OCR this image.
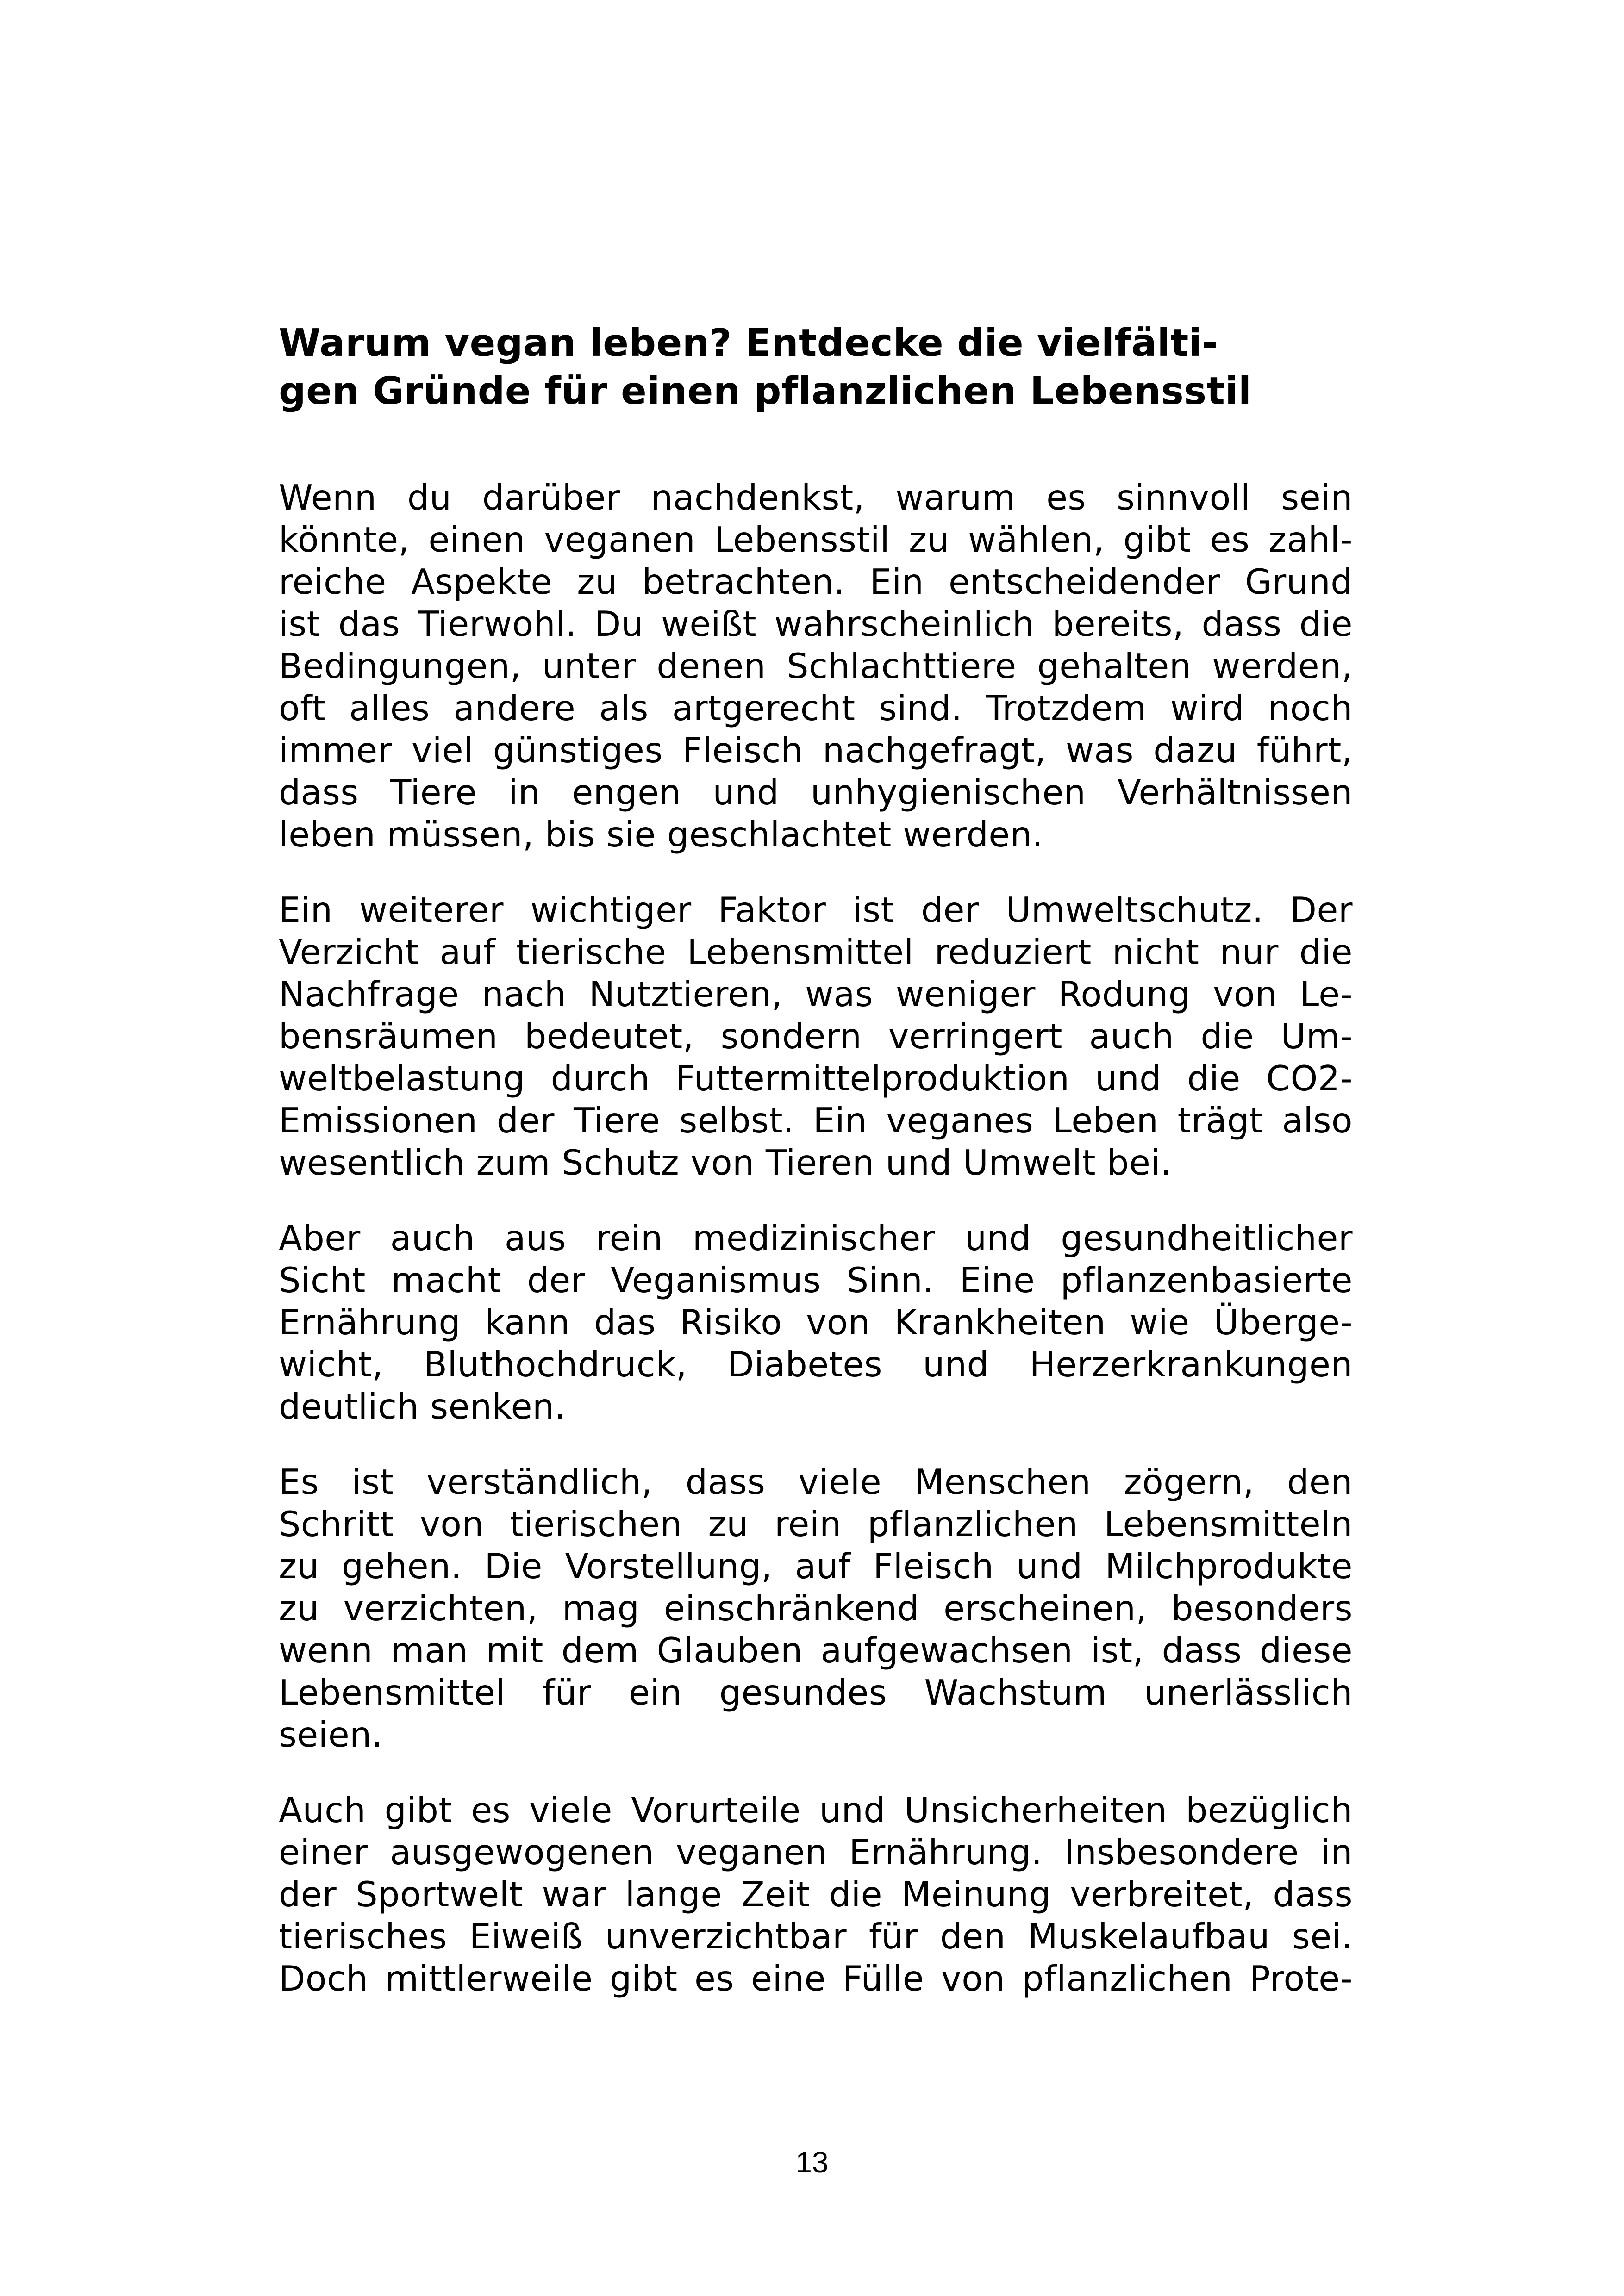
Warum vegan leben? Entdecke die vielfälti-
gen Gründe für einen pflanzlichen Lebensstil

Wenn du darüber nachdenkst, warum es sinnvoll sein
könnte, einen veganen Lebensstil zu wählen, gibt es zahl-
reiche Aspekte zu betrachten. Ein entscheidender Grund
ist das Tierwohl. Du weißt wahrscheinlich bereits, dass die
Bedingungen, unter denen Schlachttiere gehalten werden,
oft alles andere als artgerecht sind. Trotzdem wird noch
immer viel günstiges Fleisch nachgefragt, was dazu führt,
dass Tiere in engen und unhygienischen Verhältnissen
leben müssen, bis sie geschlachtet werden.

Ein weiterer wichtiger Faktor ist der Umweltschutz. Der
Verzicht auf tierische Lebensmittel reduziert nicht nur die
Nachfrage nach Nutztieren, was weniger Rodung von Le-
bensräumen bedeutet, sondern verringert auch die Um-
weltbelastung durch Futtermittelproduktion und die CO2-
Emissionen der Tiere selbst. Ein veganes Leben trägt also
wesentlich zum Schutz von Tieren und Umwelt bei.

Aber auch aus rein medizinischer und gesundheitlicher
Sicht macht der Veganismus Sinn. Eine pflanzenbasierte
Ernährung kann das Risiko von Krankheiten wie Überge-
wicht, Bluthochdruck, Diabetes und Herzerkrankungen
deutlich senken.

Es ist verständlich, dass viele Menschen zögern, den
Schritt von tierischen zu rein pflanzlichen Lebensmitteln
zu gehen. Die Vorstellung, auf Fleisch und Milchprodukte
zu verzichten, mag einschränkend erscheinen, besonders
wenn man mit dem Glauben aufgewachsen ist, dass diese
Lebensmittel für ein gesundes Wachstum unerlässlich
seien.

Auch gibt es viele Vorurteile und Unsicherheiten bezüglich
einer ausgewogenen veganen Ernährung. Insbesondere in
der Sportwelt war lange Zeit die Meinung verbreitet, dass
tierisches Eiweiß unverzichtbar für den Muskelaufbau sei.
Doch mittlerweile gibt es eine Fülle von pflanzlichen Prote-

13
